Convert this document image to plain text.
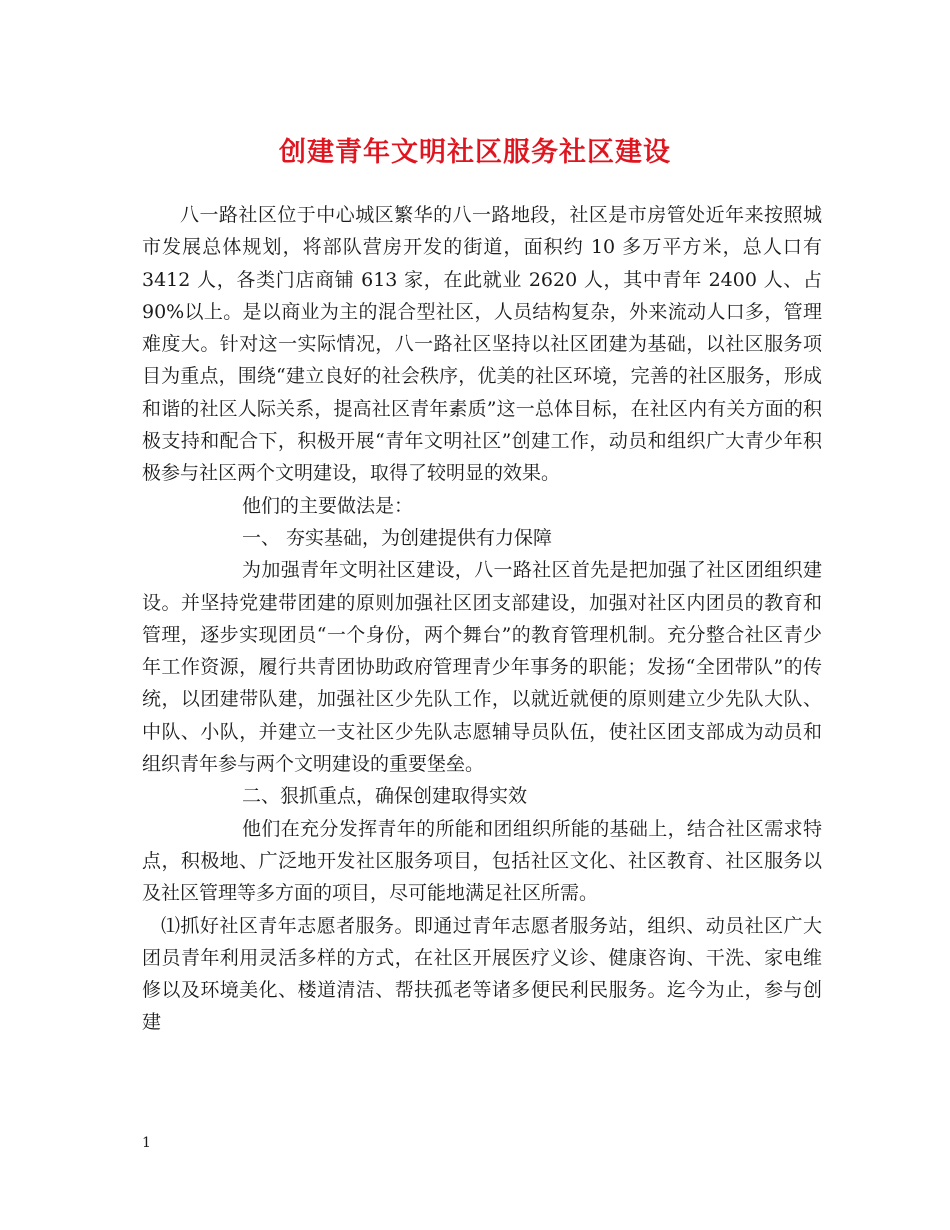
创建青年文明社区服务社区建设

八一路社区位于中心城区繁华的八一路地段，社区是市房管处近年来按照城市发展总体规划，将部队营房开发的街道，面积约 10 多万平方米，总人口有 3412 人，各类门店商铺 613 家，在此就业 2620 人，其中青年 2400 人、占 90%以上。是以商业为主的混合型社区，人员结构复杂，外来流动人口多，管理难度大。针对这一实际情况，八一路社区坚持以社区团建为基础，以社区服务项目为重点，围绕“建立良好的社会秩序，优美的社区环境，完善的社区服务，形成和谐的社区人际关系，提高社区青年素质”这一总体目标，在社区内有关方面的积极支持和配合下，积极开展“青年文明社区”创建工作，动员和组织广大青少年积极参与社区两个文明建设，取得了较明显的效果。

他们的主要做法是：

一、 夯实基础，为创建提供有力保障

为加强青年文明社区建设，八一路社区首先是把加强了社区团组织建设。并坚持党建带团建的原则加强社区团支部建设，加强对社区内团员的教育和管理，逐步实现团员“一个身份，两个舞台”的教育管理机制。充分整合社区青少年工作资源，履行共青团协助政府管理青少年事务的职能；发扬“全团带队”的传统，以团建带队建，加强社区少先队工作，以就近就便的原则建立少先队大队、中队、小队，并建立一支社区少先队志愿辅导员队伍，使社区团支部成为动员和组织青年参与两个文明建设的重要堡垒。

二、狠抓重点，确保创建取得实效

他们在充分发挥青年的所能和团组织所能的基础上，结合社区需求特点，积极地、广泛地开发社区服务项目，包括社区文化、社区教育、社区服务以及社区管理等多方面的项目，尽可能地满足社区所需。

⑴抓好社区青年志愿者服务。即通过青年志愿者服务站，组织、动员社区广大团员青年利用灵活多样的方式，在社区开展医疗义诊、健康咨询、干洗、家电维修以及环境美化、楼道清洁、帮扶孤老等诸多便民利民服务。迄今为止，参与创建

1
